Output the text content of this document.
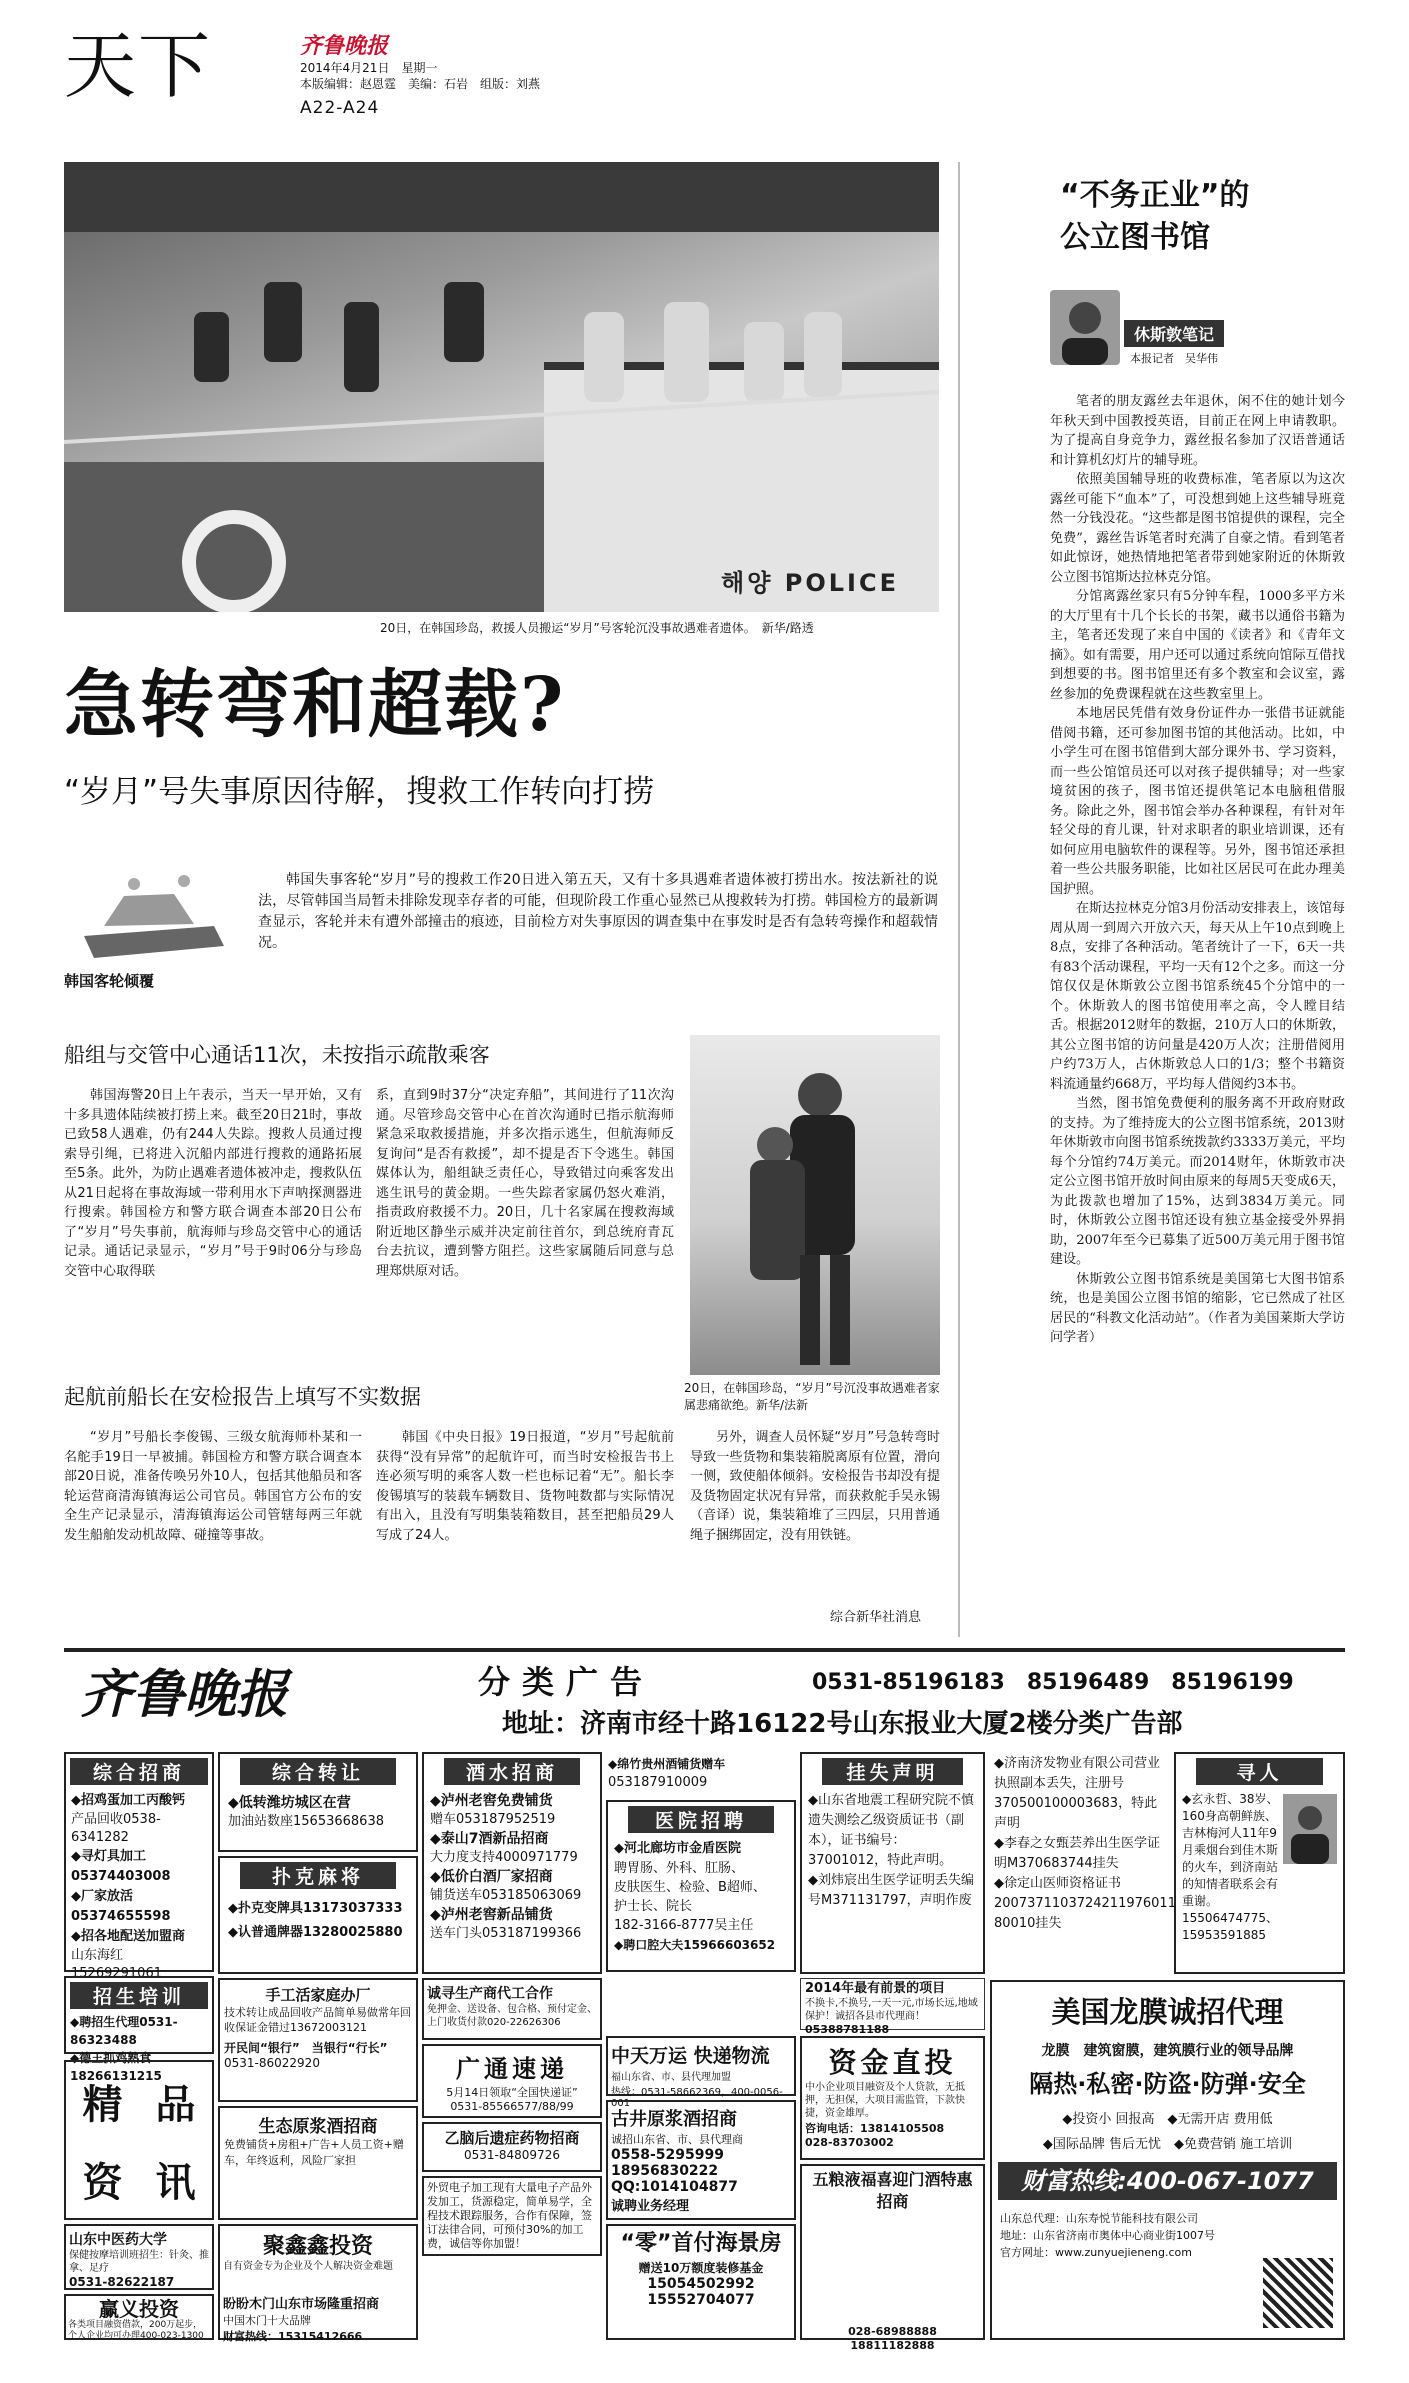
天下	齐鲁晚报
2014年4月21日　星期一
本版编辑：赵恩霆　美编：石岩　组版：刘燕
A22-A24
해양 POLICE
20日，在韩国珍岛，救援人员搬运“岁月”号客轮沉没事故遇难者遗体。　新华/路透
急转弯和超载?
“岁月”号失事原因待解，搜救工作转向打捞
韩国客轮倾覆
韩国失事客轮“岁月”号的搜救工作20日进入第五天，又有十多具遇难者遗体被打捞出水。按法新社的说法，尽管韩国当局暂未排除发现幸存者的可能，但现阶段工作重心显然已从搜救转为打捞。韩国检方的最新调查显示，客轮并未有遭外部撞击的痕迹，目前检方对失事原因的调查集中在事发时是否有急转弯操作和超载情况。
船组与交管中心通话11次，未按指示疏散乘客
韩国海警20日上午表示，当天一早开始，又有十多具遗体陆续被打捞上来。截至20日21时，事故已致58人遇难，仍有244人失踪。搜救人员通过搜索导引绳，已将进入沉船内部进行搜救的通路拓展至5条。此外，为防止遇难者遗体被冲走，搜救队伍从21日起将在事故海域一带利用水下声呐探测器进行搜索。韩国检方和警方联合调查本部20日公布了“岁月”号失事前，航海师与珍岛交管中心的通话记录。通话记录显示，“岁月”号于9时06分与珍岛交管中心取得联
系，直到9时37分“决定弃船”，其间进行了11次沟通。尽管珍岛交管中心在首次沟通时已指示航海师紧急采取救援措施，并多次指示逃生，但航海师反复询问“是否有救援”，却不提是否下令逃生。韩国媒体认为，船组缺乏责任心，导致错过向乘客发出逃生讯号的黄金期。一些失踪者家属仍怒火难消，指责政府救援不力。20日，几十名家属在搜救海域附近地区静坐示威并决定前往首尔，到总统府青瓦台去抗议，遭到警方阻拦。这些家属随后同意与总理郑烘原对话。
20日，在韩国珍岛，“岁月”号沉没事故遇难者家属悲痛欲绝。新华/法新
起航前船长在安检报告上填写不实数据
“岁月”号船长李俊锡、三级女航海师朴某和一名舵手19日一早被捕。韩国检方和警方联合调查本部20日说，准备传唤另外10人，包括其他船员和客轮运营商清海镇海运公司官员。韩国官方公布的安全生产记录显示，清海镇海运公司管辖每两三年就发生船舶发动机故障、碰撞等事故。
韩国《中央日报》19日报道，“岁月”号起航前获得“没有异常”的起航许可，而当时安检报告书上连必须写明的乘客人数一栏也标记着“无”。船长李俊锡填写的装载车辆数目、货物吨数都与实际情况有出入，且没有写明集装箱数目，甚至把船员29人写成了24人。
另外，调查人员怀疑“岁月”号急转弯时导致一些货物和集装箱脱离原有位置，滑向一侧，致使船体倾斜。安检报告书却没有提及货物固定状况有异常，而获救舵手吴永锡（音译）说，集装箱堆了三四层，只用普通绳子捆绑固定，没有用铁链。
综合新华社消息
“不务正业”的
公立图书馆
休斯敦笔记
本报记者　吴华伟

笔者的朋友露丝去年退休，闲不住的她计划今年秋天到中国教授英语，目前正在网上申请教职。为了提高自身竞争力，露丝报名参加了汉语普通话和计算机幻灯片的辅导班。

依照美国辅导班的收费标准，笔者原以为这次露丝可能下“血本”了，可没想到她上这些辅导班竟然一分钱没花。“这些都是图书馆提供的课程，完全免费”，露丝告诉笔者时充满了自豪之情。看到笔者如此惊讶，她热情地把笔者带到她家附近的休斯敦公立图书馆斯达拉林克分馆。

分馆离露丝家只有5分钟车程，1000多平方米的大厅里有十几个长长的书架，藏书以通俗书籍为主，笔者还发现了来自中国的《读者》和《青年文摘》。如有需要，用户还可以通过系统向馆际互借找到想要的书。图书馆里还有多个教室和会议室，露丝参加的免费课程就在这些教室里上。

本地居民凭借有效身份证件办一张借书证就能借阅书籍，还可参加图书馆的其他活动。比如，中小学生可在图书馆借到大部分课外书、学习资料，而一些公馆馆员还可以对孩子提供辅导；对一些家境贫困的孩子，图书馆还提供笔记本电脑租借服务。除此之外，图书馆会举办各种课程，有针对年轻父母的育儿课，针对求职者的职业培训课，还有如何应用电脑软件的课程等。另外，图书馆还承担着一些公共服务职能，比如社区居民可在此办理美国护照。

在斯达拉林克分馆3月份活动安排表上，该馆每周从周一到周六开放六天，每天从上午10点到晚上8点，安排了各种活动。笔者统计了一下，6天一共有83个活动课程，平均一天有12个之多。而这一分馆仅仅是休斯敦公立图书馆系统45个分馆中的一个。休斯敦人的图书馆使用率之高，令人瞠目结舌。根据2012财年的数据，210万人口的休斯敦，其公立图书馆的访问量是420万人次；注册借阅用户约73万人，占休斯敦总人口的1/3；整个书籍资料流通量约668万，平均每人借阅约3本书。

当然，图书馆免费便利的服务离不开政府财政的支持。为了维持庞大的公立图书馆系统，2013财年休斯敦市向图书馆系统拨款约3333万美元，平均每个分馆约74万美元。而2014财年，休斯敦市决定公立图书馆开放时间由原来的每周5天变成6天，为此拨款也增加了15%，达到3834万美元。同时，休斯敦公立图书馆还设有独立基金接受外界捐助，2007年至今已募集了近500万美元用于图书馆建设。

休斯敦公立图书馆系统是美国第七大图书馆系统，也是美国公立图书馆的缩影，它已然成了社区居民的“科教文化活动站”。（作者为美国莱斯大学访问学者）

齐鲁晚报	分类广告	0531-85196183　85196489　85196199
地址：济南市经十路16122号山东报业大厦2楼分类广告部
综合招商
◆招鸡蛋加工丙酸钙
产品回收0538-6341282
◆寻灯具加工05374403008
◆厂家放活05374655598
◆招各地配送加盟商
山东海红15269291061
招生培训
◆聘招生代理0531-86323488
◆德王抓鸡熟食18266131215
综合转让
◆低转潍坊城区在营
加油站数座15653668638
扑克麻将
◆扑克变牌具13173037333
◆认普通牌器13280025880
酒水招商
◆泸州老窖免费铺货
赠车053187952519
◆泰山7酒新品招商
大力度支持4000971779
◆低价白酒厂家招商
铺货送车053185063069
◆泸州老窖新品铺货
送车门头053187199366
◆绵竹贵州酒铺货赠车
053187910009
医院招聘
◆河北廊坊市金盾医院
聘胃肠、外科、肛肠、
皮肤医生、检验、B超师、
护士长、院长
182-3166-8777吴主任
◆聘口腔大夫15966603652
挂失声明
◆山东省地震工程研究院不慎遗失测绘乙级资质证书（副本），证书编号：37001012，特此声明。
◆刘炜宸出生医学证明丢失编号M371131797，声明作废
◆济南济发物业有限公司营业执照副本丢失，注册号370500100003683，特此声明
◆李春之女甄芸养出生医学证明M370683744挂失
◆徐定山医师资格证书2007371103724211976011 80010挂失
寻人
◆玄永哲、38岁、160身高朝鲜族、吉林梅河人11年9月乘烟台到佳木斯的火车，到济南站的知情者联系会有重谢。15506474775、15953591885
2014年最有前景的项目
不换卡,不换号,一天一元,市场长远,地域保护！诚招各县市代理商！
05388781188
美国龙膜诚招代理
龙膜　建筑窗膜，建筑膜行业的领导品牌
隔热·私密·防盗·防弹·安全
◆投资小 回报高　◆无需开店 费用低
◆国际品牌 售后无忧　◆免费营销 施工培训
财富热线:400-067-1077
山东总代理：山东寿悦节能科技有限公司
地址：山东省济南市奥体中心商业街1007号
官方网址：www.zunyuejieneng.com
精 品
资 讯
手工活家庭办厂
技术转让成品回收产品简单易做常年回收保证金错过13672003121
开民间“银行”　当银行“行长”
0531-86022920
生态原浆酒招商
免费铺货+房租+广告+人员工资+赠车，年终返利，风险厂家担
诚寻生产商代工合作
免押金、送设备、包合格、预付定金、上门收货付款020-22626306
广通速递
5月14日领取“全国快递证”
0531-85566577/88/99
乙脑后遗症药物招商
0531-84809726
外贸电子加工现有大量电子产品外发加工，货源稳定，简单易学，全程技术跟踪服务，合作有保障，签订法律合同，可预付30%的加工费，诚信等你加盟！
中天万运 快递物流
福山东省、市、县代理加盟
热线：0531-58662369，400-0056-001
古井原浆酒招商
诚招山东省、市、县代理商
0558-5295999
18956830222
QQ:1014104877
诚聘业务经理
资金直投
中小企业项目融资及个人贷款，无抵押，无担保，大项目需监管，下款快捷，资金雄厚。
咨询电话：13814105508
028-83703002
五粮液福喜迎门酒特惠招商
028-68988888　18811182888
山东中医药大学
保健按摩培训班招生：针灸、推拿、足疗
0531-82622187
赢义投资
各类项目融资借款，200万起步，个人企业均可办理400-023-1300
聚鑫鑫投资
自有资金专为企业及个人解决资金难题
盼盼木门山东市场隆重招商
中国木门十大品牌
财富热线：15315412666
“零”首付海景房
赠送10万额度装修基金
15054502992
15552704077
